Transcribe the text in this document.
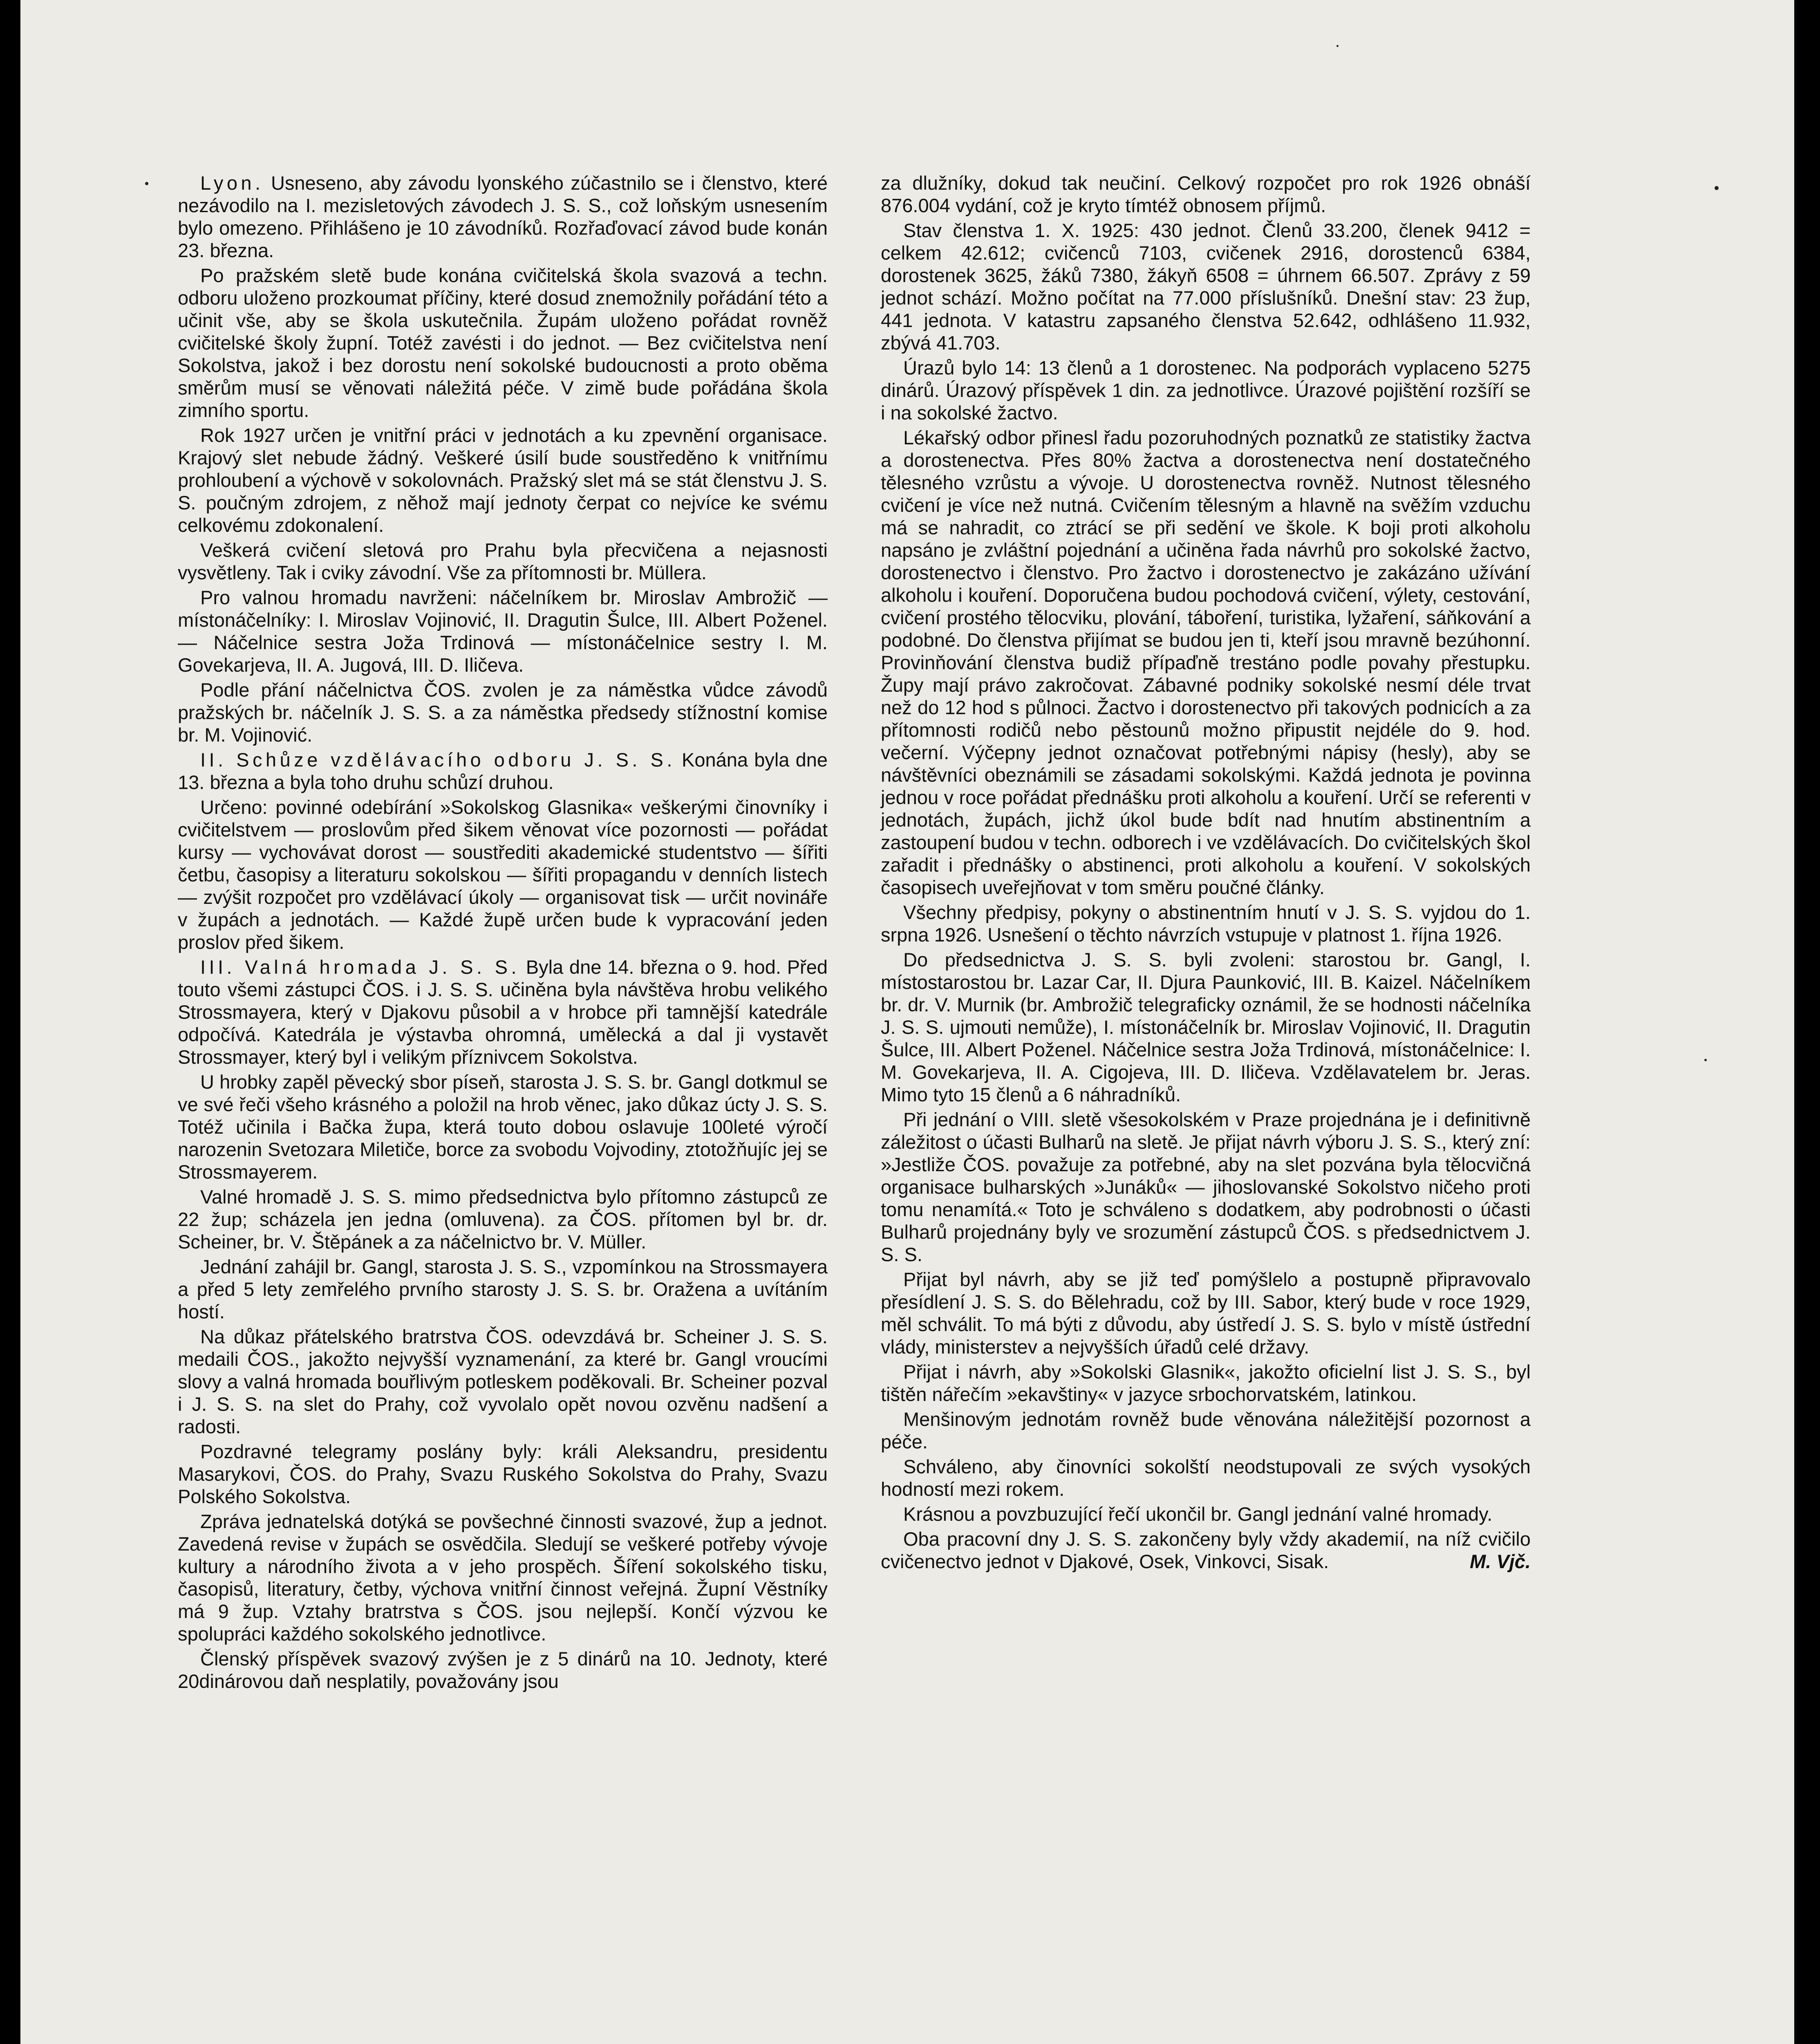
Lyon. Usneseno, aby závodu lyonského zúčastnilo se i členstvo, které nezávodilo na I. mezisletových závodech J. S. S., což loňským usnesením bylo omezeno. Přihlášeno je 10 závodníků. Rozřaďovací závod bude konán 23. března.

Po pražském sletě bude konána cvičitelská škola svazová a techn. odboru uloženo prozkoumat příčiny, které dosud znemožnily pořádání této a učinit vše, aby se škola uskutečnila. Župám uloženo pořádat rovněž cvičitelské školy župní. Totéž zavésti i do jednot. — Bez cvičitelstva není Sokolstva, jakož i bez dorostu není sokolské budoucnosti a proto oběma směrům musí se věnovati náležitá péče. V zimě bude pořádána škola zimního sportu.

Rok 1927 určen je vnitřní práci v jednotách a ku zpevnění organisace. Krajový slet nebude žádný. Veškeré úsilí bude soustředěno k vnitřnímu prohloubení a výchově v sokolovnách. Pražský slet má se stát členstvu J. S. S. poučným zdrojem, z něhož mají jednoty čerpat co nejvíce ke svému celkovému zdokonalení.

Veškerá cvičení sletová pro Prahu byla přecvičena a nejasnosti vysvětleny. Tak i cviky závodní. Vše za přítomnosti br. Müllera.

Pro valnou hromadu navrženi: náčelníkem br. Miroslav Ambrožič — místonáčelníky: I. Miroslav Vojinović, II. Dragutin Šulce, III. Albert Poženel. — Náčelnice sestra Joža Trdinová — místonáčelnice sestry I. M. Govekarjeva, II. A. Jugová, III. D. Iličeva.

Podle přání náčelnictva ČOS. zvolen je za náměstka vůdce závodů pražských br. náčelník J. S. S. a za náměstka předsedy stížnostní komise br. M. Vojinović.

II. Schůze vzdělávacího odboru J. S. S. Konána byla dne 13. března a byla toho druhu schůzí druhou.

Určeno: povinné odebírání »Sokolskog Glasnika« veškerými činovníky i cvičitelstvem — proslovům před šikem věnovat více pozornosti — pořádat kursy — vychovávat dorost — soustřediti akademické studentstvo — šířiti četbu, časopisy a literaturu sokolskou — šířiti propagandu v denních listech — zvýšit rozpočet pro vzdělávací úkoly — organisovat tisk — určit novináře v župách a jednotách. — Každé župě určen bude k vypracování jeden proslov před šikem.

III. Valná hromada J. S. S. Byla dne 14. března o 9. hod. Před touto všemi zástupci ČOS. i J. S. S. učiněna byla návštěva hrobu velikého Strossmayera, který v Djakovu působil a v hrobce při tamnější katedrále odpočívá. Katedrála je výstavba ohromná, umělecká a dal ji vystavět Strossmayer, který byl i velikým příznivcem Sokolstva.

U hrobky zapěl pěvecký sbor píseň, starosta J. S. S. br. Gangl dotkmul se ve své řeči všeho krásného a položil na hrob věnec, jako důkaz úcty J. S. S. Totéž učinila i Bačka župa, která touto dobou oslavuje 100leté výročí narozenin Svetozara Miletiče, borce za svobodu Vojvodiny, ztotožňujíc jej se Strossmayerem.

Valné hromadě J. S. S. mimo předsednictva bylo přítomno zástupců ze 22 žup; scházela jen jedna (omluvena). za ČOS. přítomen byl br. dr. Scheiner, br. V. Štěpánek a za náčelnictvo br. V. Müller.

Jednání zahájil br. Gangl, starosta J. S. S., vzpomínkou na Strossmayera a před 5 lety zemřelého prvního starosty J. S. S. br. Oražena a uvítáním hostí.

Na důkaz přátelského bratrstva ČOS. odevzdává br. Scheiner J. S. S. medaili ČOS., jakožto nejvyšší vyznamenání, za které br. Gangl vroucími slovy a valná hromada bouřlivým potleskem poděkovali. Br. Scheiner pozval i J. S. S. na slet do Prahy, což vyvolalo opět novou ozvěnu nadšení a radosti.

Pozdravné telegramy poslány byly: králi Aleksandru, presidentu Masarykovi, ČOS. do Prahy, Svazu Ruského Sokolstva do Prahy, Svazu Polského Sokolstva.

Zpráva jednatelská dotýká se povšechné činnosti svazové, žup a jednot. Zavedená revise v župách se osvědčila. Sledují se veškeré potřeby vývoje kultury a národního života a v jeho prospěch. Šíření sokolského tisku, časopisů, literatury, četby, výchova vnitřní činnost veřejná. Župní Věstníky má 9 žup. Vztahy bratrstva s ČOS. jsou nejlepší. Končí výzvou ke spolupráci každého sokolského jednotlivce.

Členský příspěvek svazový zvýšen je z 5 dinárů na 10. Jednoty, které 20dinárovou daň nesplatily, považovány jsou

za dlužníky, dokud tak neučiní. Celkový rozpočet pro rok 1926 obnáší 876.004 vydání, což je kryto tímtéž obnosem příjmů.

Stav členstva 1. X. 1925: 430 jednot. Členů 33.200, členek 9412 = celkem 42.612; cvičenců 7103, cvičenek 2916, dorostenců 6384, dorostenek 3625, žáků 7380, žákyň 6508 = úhrnem 66.507. Zprávy z 59 jednot schází. Možno počítat na 77.000 příslušníků. Dnešní stav: 23 žup, 441 jednota. V katastru zapsaného členstva 52.642, odhlášeno 11.932, zbývá 41.703.

Úrazů bylo 14: 13 členů a 1 dorostenec. Na podporách vyplaceno 5275 dinárů. Úrazový příspěvek 1 din. za jednotlivce. Úrazové pojištění rozšíří se i na sokolské žactvo.

Lékařský odbor přinesl řadu pozoruhodných poznatků ze statistiky žactva a dorostenectva. Přes 80% žactva a dorostenectva není dostatečného tělesného vzrůstu a vývoje. U dorostenectva rovněž. Nutnost tělesného cvičení je více než nutná. Cvičením tělesným a hlavně na svěžím vzduchu má se nahradit, co ztrácí se při sedění ve škole. K boji proti alkoholu napsáno je zvláštní pojednání a učiněna řada návrhů pro sokolské žactvo, dorostenectvo i členstvo. Pro žactvo i dorostenectvo je zakázáno užívání alkoholu i kouření. Doporučena budou pochodová cvičení, výlety, cestování, cvičení prostého tělocviku, plování, táboření, turistika, lyžaření, sáňkování a podobné. Do členstva přijímat se budou jen ti, kteří jsou mravně bezúhonní. Provinňování členstva budiž přípaďně trestáno podle povahy přestupku. Župy mají právo zakročovat. Zábavné podniky sokolské nesmí déle trvat než do 12 hod s půlnoci. Žactvo i dorostenectvo při takových podnicích a za přítomnosti rodičů nebo pěstounů možno připustit nejdéle do 9. hod. večerní. Výčepny jednot označovat potřebnými nápisy (hesly), aby se návštěvníci obeznámili se zásadami sokolskými. Každá jednota je povinna jednou v roce pořádat přednášku proti alkoholu a kouření. Určí se referenti v jednotách, župách, jichž úkol bude bdít nad hnutím abstinentním a zastoupení budou v techn. odborech i ve vzdělávacích. Do cvičitelských škol zařadit i přednášky o abstinenci, proti alkoholu a kouření. V sokolských časopisech uveřejňovat v tom směru poučné články.

Všechny předpisy, pokyny o abstinentním hnutí v J. S. S. vyjdou do 1. srpna 1926. Usnešení o těchto návrzích vstupuje v platnost 1. října 1926.

Do předsednictva J. S. S. byli zvoleni: starostou br. Gangl, I. místostarostou br. Lazar Car, II. Djura Paunković, III. B. Kaizel. Náčelníkem br. dr. V. Murnik (br. Ambrožič telegraficky oznámil, že se hodnosti náčelníka J. S. S. ujmouti nemůže), I. místonáčelník br. Miroslav Vojinović, II. Dragutin Šulce, III. Albert Poženel. Náčelnice sestra Joža Trdinová, místonáčelnice: I. M. Govekarjeva, II. A. Cigojeva, III. D. Iličeva. Vzdělavatelem br. Jeras. Mimo tyto 15 členů a 6 náhradníků.

Při jednání o VIII. sletě všesokolském v Praze projednána je i definitivně záležitost o účasti Bulharů na sletě. Je přijat návrh výboru J. S. S., který zní: »Jestliže ČOS. považuje za potřebné, aby na slet pozvána byla tělocvičná organisace bulharských »Junáků« — jihoslovanské Sokolstvo ničeho proti tomu nenamítá.« Toto je schváleno s dodatkem, aby podrobnosti o účasti Bulharů projednány byly ve srozumění zástupců ČOS. s předsednictvem J. S. S.

Přijat byl návrh, aby se již teď pomýšlelo a postupně připravovalo přesídlení J. S. S. do Bělehradu, což by III. Sabor, který bude v roce 1929, měl schválit. To má býti z důvodu, aby ústředí J. S. S. bylo v místě ústřední vlády, ministerstev a nejvyšších úřadů celé državy.

Přijat i návrh, aby »Sokolski Glasnik«, jakožto oficielní list J. S. S., byl tištěn nářečím »ekavštiny« v jazyce srbochorvatském, latinkou.

Menšinovým jednotám rovněž bude věnována náležitější pozornost a péče.

Schváleno, aby činovníci sokolští neodstupovali ze svých vysokých hodností mezi rokem.

Krásnou a povzbuzující řečí ukončil br. Gangl jednání valné hromady.

Oba pracovní dny J. S. S. zakončeny byly vždy akademií, na níž cvičilo cvičenectvo jednot v Djakové, Osek, Vinkovci, Sisak.	M. Vjč.
